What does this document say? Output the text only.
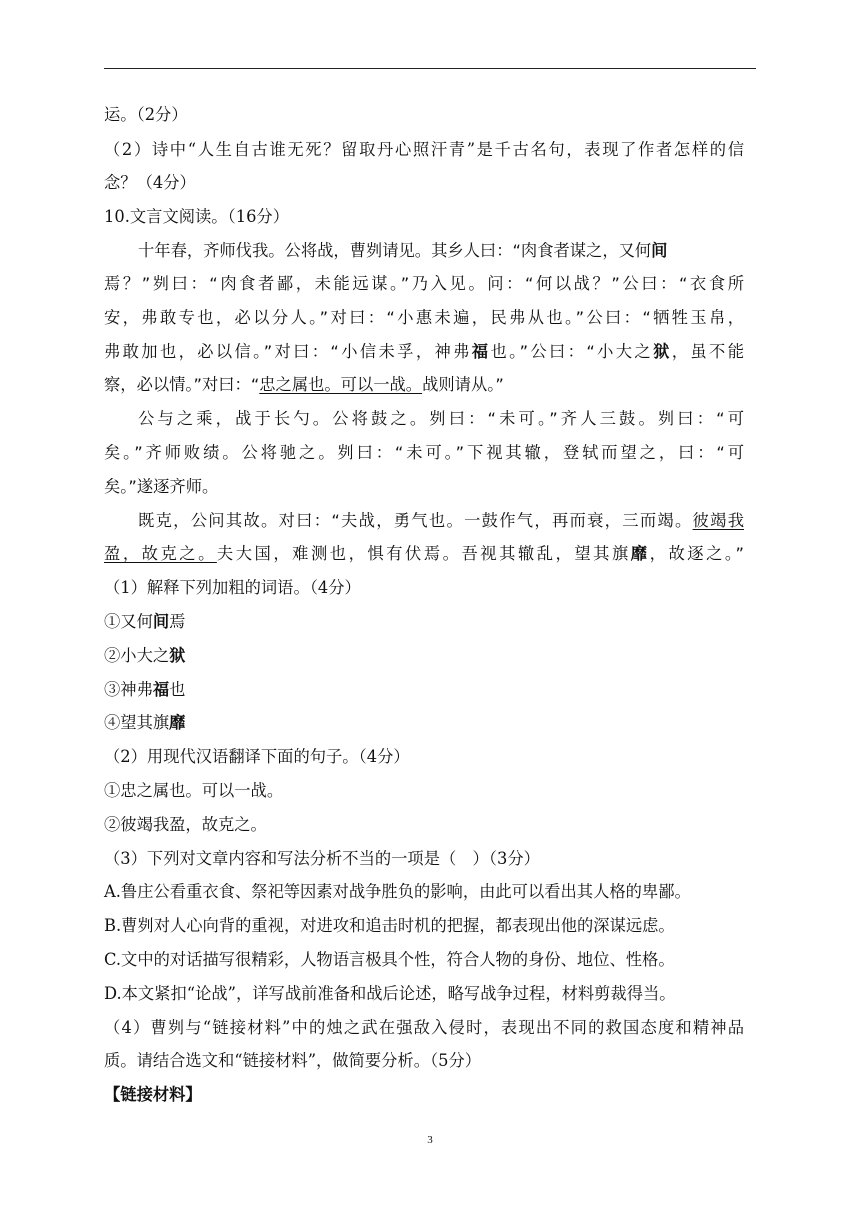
运。（2分）
（2）诗中“人生自古谁无死？留取丹心照汗青”是千古名句，表现了作者怎样的信
念？（4分）
10.文言文阅读。（16分）
十年春，齐师伐我。公将战，曹刿请见。其乡人曰：“肉食者谋之，又何间
焉？”刿曰：“肉食者鄙，未能远谋。”乃入见。问：“何以战？”公曰：“衣食所
安，弗敢专也，必以分人。”对曰：“小惠未遍，民弗从也。”公曰：“牺牲玉帛，
弗敢加也，必以信。”对曰：“小信未孚，神弗福也。”公曰：“小大之狱，虽不能
察，必以情。”对曰：“忠之属也。可以一战。战则请从。”
公与之乘，战于长勺。公将鼓之。刿曰：“未可。”齐人三鼓。刿曰：“可
矣。”齐师败绩。公将驰之。刿曰：“未可。”下视其辙，登轼而望之，曰：“可
矣。”遂逐齐师。
既克，公问其故。对曰：“夫战，勇气也。一鼓作气，再而衰，三而竭。彼竭我
盈，故克之。夫大国，难测也，惧有伏焉。吾视其辙乱，望其旗靡，故逐之。”
（1）解释下列加粗的词语。（4分）
①又何间焉
②小大之狱
③神弗福也
④望其旗靡
（2）用现代汉语翻译下面的句子。（4分）
①忠之属也。可以一战。
②彼竭我盈，故克之。
（3）下列对文章内容和写法分析不当的一项是（　）（3分）
A.鲁庄公看重衣食、祭祀等因素对战争胜负的影响，由此可以看出其人格的卑鄙。
B.曹刿对人心向背的重视，对进攻和追击时机的把握，都表现出他的深谋远虑。
C.文中的对话描写很精彩，人物语言极具个性，符合人物的身份、地位、性格。
D.本文紧扣“论战”，详写战前准备和战后论述，略写战争过程，材料剪裁得当。
（4）曹刿与“链接材料”中的烛之武在强敌入侵时，表现出不同的救国态度和精神品
质。请结合选文和“链接材料”，做简要分析。（5分）
【链接材料】
3
